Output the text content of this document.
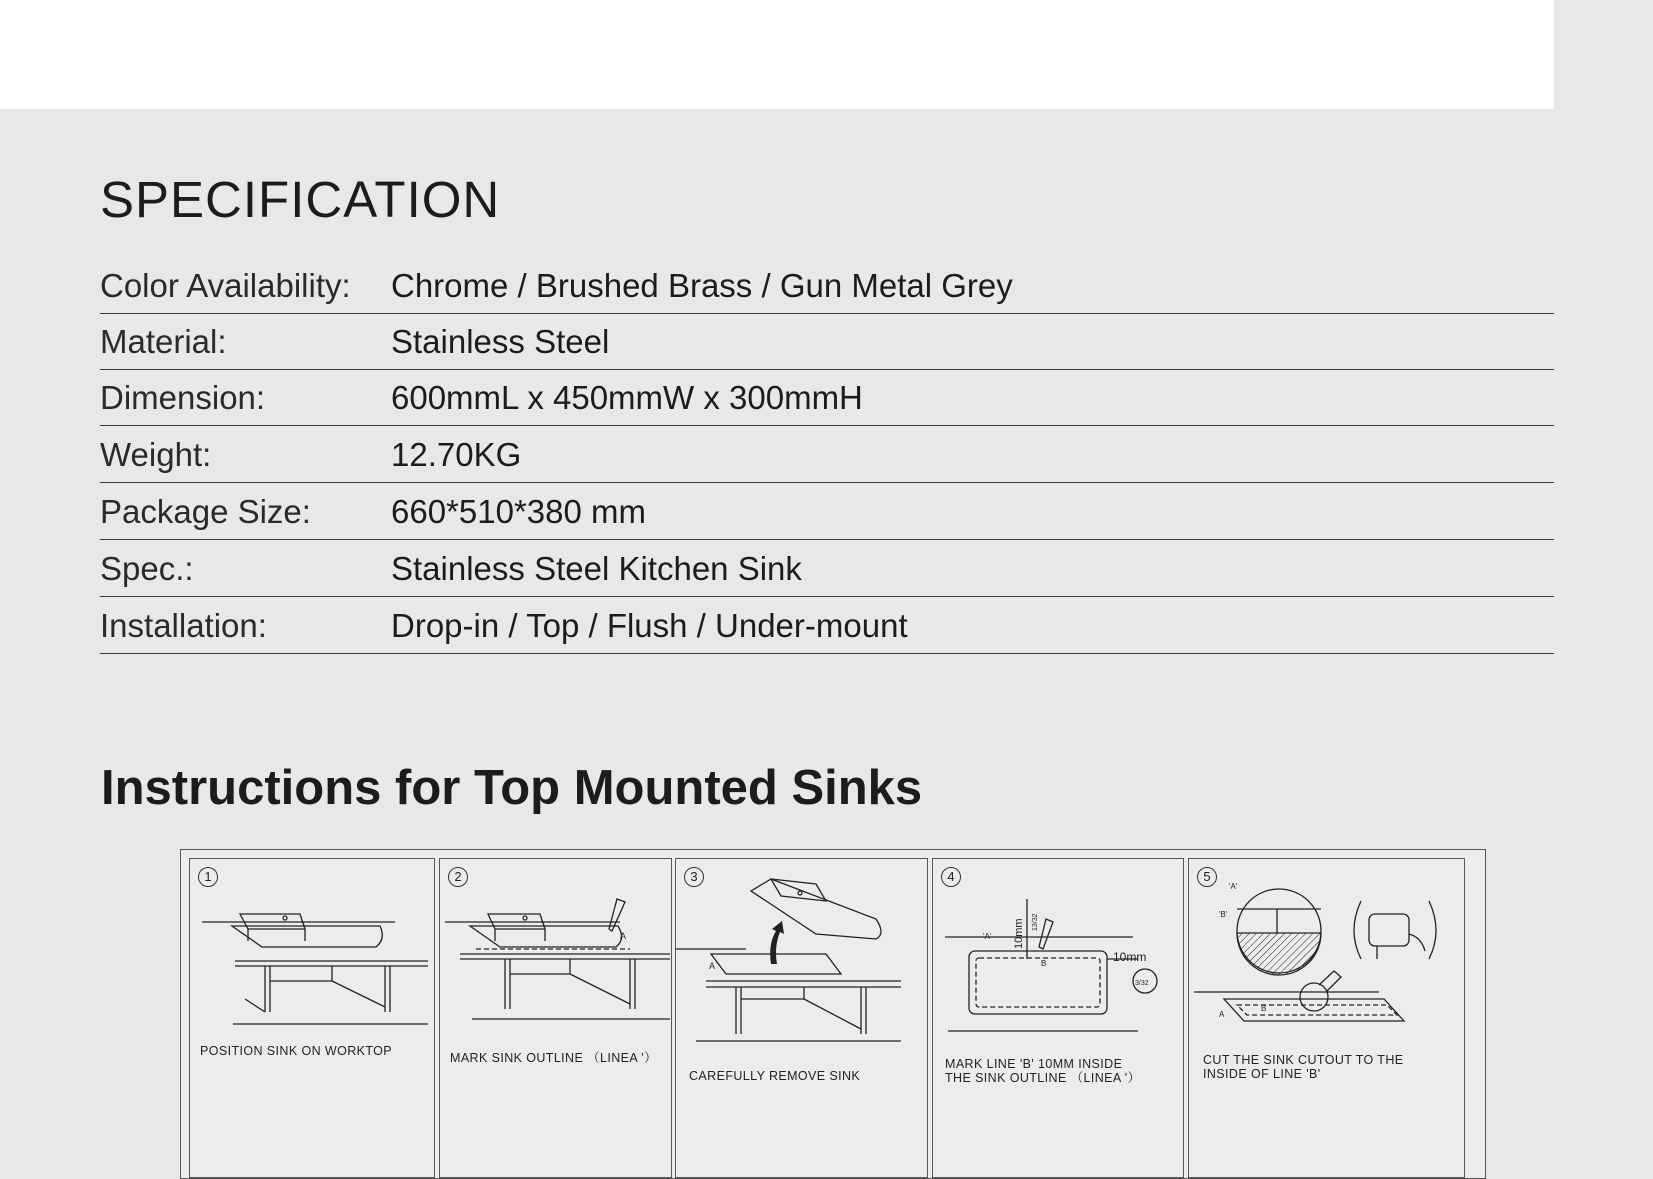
SPECIFICATION
Color Availability: Chrome / Brushed Brass / Gun Metal Grey
Material:	Stainless Steel
Dimension:	600mmL x 450mmW x 300mmH
Weight:	12.70KG
Package Size: 660*510*380 mm
Spec.:	Stainless Steel Kitchen Sink
Installation:	Drop-in / Top / Flush / Under-mount
Instructions for Top Mounted Sinks
1
POSITION SINK ON WORKTOP
2
A
MARK SINK OUTLINE （LINEA '）
3
A
CAREFULLY REMOVE SINK
4
'A'
B	10mm
10mm 13/32
3/32
MARK LINE 'B' 10MM INSIDE
THE SINK OUTLINE （LINEA '）
5
'A'
'B'
A
B
CUT THE SINK CUTOUT TO THE
INSIDE OF LINE 'B'
